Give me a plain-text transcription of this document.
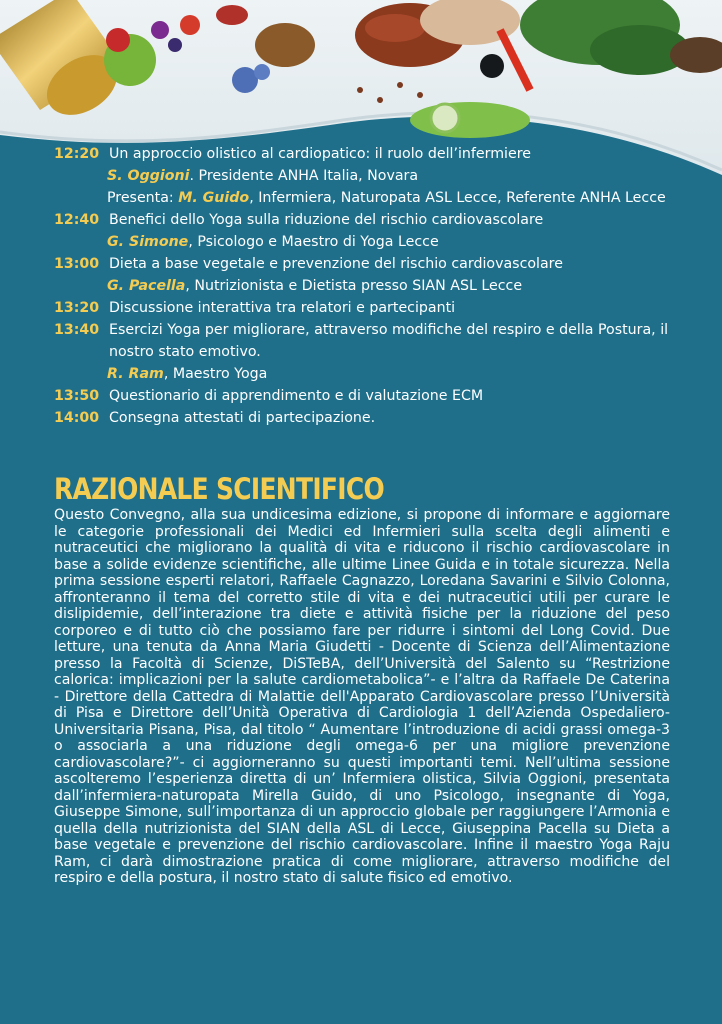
12:20 Un approccio olistico al cardiopatico: il ruolo dell’infermiere
S. Oggioni. Presidente ANHA Italia, Novara
Presenta: M. Guido, Infermiera, Naturopata ASL Lecce, Referente ANHA Lecce
12:40 Benefici dello Yoga sulla riduzione del rischio cardiovascolare
G. Simone, Psicologo e Maestro di Yoga Lecce
13:00 Dieta a base vegetale e prevenzione del rischio cardiovascolare
G. Pacella, Nutrizionista e Dietista presso SIAN ASL Lecce
13:20 Discussione interattiva tra relatori e partecipanti
13:40 Esercizi Yoga per migliorare, attraverso modifiche del respiro e della Postura, il nostro stato emotivo.
R. Ram, Maestro Yoga
13:50 Questionario di apprendimento e di valutazione ECM
14:00 Consegna attestati di partecipazione.
RAZIONALE SCIENTIFICO

Questo Convegno, alla sua undicesima edizione, si propone di informare e aggiornare le categorie professionali dei Medici ed Infermieri sulla scelta degli alimenti e nutraceutici che migliorano la qualità di vita e riducono il rischio cardiovascolare in base a solide evidenze scientifiche, alle ultime Linee Guida e in totale sicurezza. Nella prima sessione esperti relatori, Raffaele Cagnazzo, Loredana Savarini e Silvio Colonna, affronteranno il tema del corretto stile di vita e dei nutraceutici utili per curare le dislipidemie, dell’interazione tra diete e attività fisiche per la riduzione del peso corporeo e di tutto ciò che possiamo fare per ridurre i sintomi del Long Covid. Due letture, una tenuta da Anna Maria Giudetti - Docente di Scienza dell’Alimentazione presso la Facoltà di Scienze, DiSTeBA, dell’Università del Salento su “Restrizione calorica: implicazioni per la salute cardiometabolica”- e l’altra da Raffaele De Caterina - Direttore della Cattedra di Malattie dell'Apparato Cardiovascolare presso l’Università di Pisa e Direttore dell’Unità Operativa di Cardiologia 1 dell’Azienda Ospedaliero-Universitaria Pisana, Pisa, dal titolo “ Aumentare l’introduzione di acidi grassi omega-3 o associarla a una riduzione degli omega-6 per una migliore prevenzione cardiovascolare?”- ci aggiorneranno su questi importanti temi. Nell’ultima sessione ascolteremo l’esperienza diretta di un’ Infermiera olistica, Silvia Oggioni, presentata dall’infermiera-naturopata Mirella Guido, di uno Psicologo, insegnante di Yoga, Giuseppe Simone, sull’importanza di un approccio globale per raggiungere l’Armonia e quella della nutrizionista del SIAN della ASL di Lecce, Giuseppina Pacella su Dieta a base vegetale e prevenzione del rischio cardiovascolare. Infine il maestro Yoga Raju Ram, ci darà dimostrazione pratica di come migliorare, attraverso modifiche del respiro e della postura, il nostro stato di salute fisico ed emotivo.
